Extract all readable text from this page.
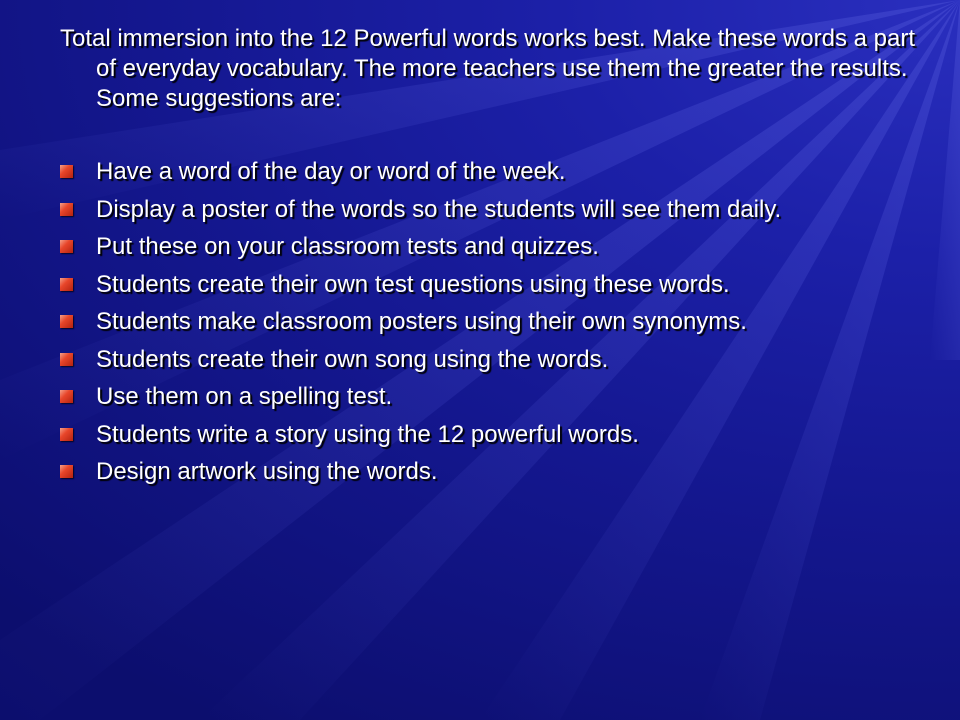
Total immersion into the 12 Powerful words works best. Make these words a part of everyday vocabulary. The more teachers use them the greater the results. Some suggestions are:

Have a word of the day or word of the week.
Display a poster of the words so the students will see them daily.
Put these on your classroom tests and quizzes.
Students create their own test questions using these words.
Students make classroom posters using their own synonyms.
Students create their own song using the words.
Use them on a spelling test.
Students write a story using the 12 powerful words.
Design artwork using the words.
